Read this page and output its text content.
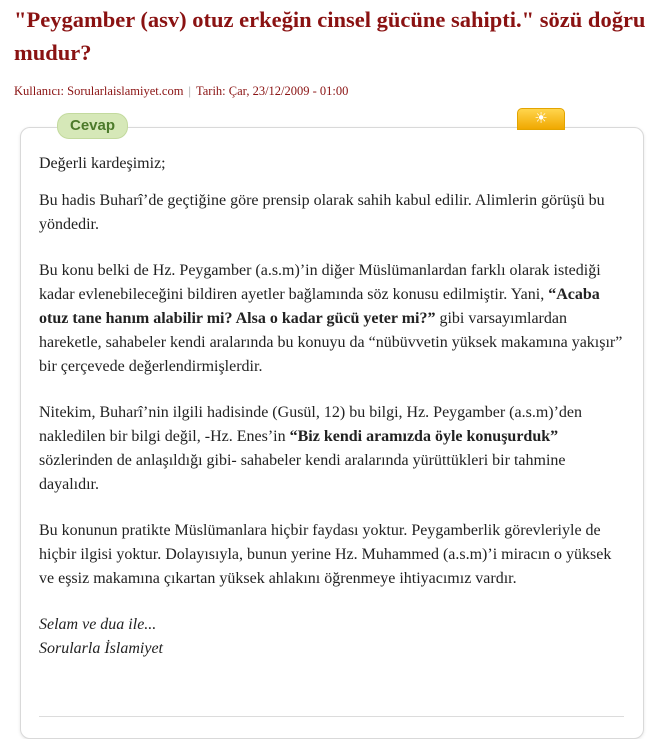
"Peygamber (asv) otuz erkeğin cinsel gücüne sahipti." sözü doğru mudur?
Kullanıcı: Sorularlaislamiyet.com | Tarih: Çar, 23/12/2009 - 01:00
Cevap	☀

Değerli kardeşimiz;

Bu hadis Buharî’de geçtiğine göre prensip olarak sahih kabul edilir. Alimlerin görüşü bu yöndedir.

Bu konu belki de Hz. Peygamber (a.s.m)’in diğer Müslümanlardan farklı olarak istediği kadar evlenebileceğini bildiren ayetler bağlamında söz konusu edilmiştir. Yani, “Acaba otuz tane hanım alabilir mi? Alsa o kadar gücü yeter mi?” gibi varsayımlardan hareketle, sahabeler kendi aralarında bu konuyu da “nübüvvetin yüksek makamına yakışır” bir çerçevede değerlendirmişlerdir.

Nitekim, Buharî’nin ilgili hadisinde (Gusül, 12) bu bilgi, Hz. Peygamber (a.s.m)’den nakledilen bir bilgi değil, -Hz. Enes’in “Biz kendi aramızda öyle konuşurduk” sözlerinden de anlaşıldığı gibi- sahabeler kendi aralarında yürüttükleri bir tahmine dayalıdır.

Bu konunun pratikte Müslümanlara hiçbir faydası yoktur. Peygamberlik görevleriyle de hiçbir ilgisi yoktur. Dolayısıyla, bunun yerine Hz. Muhammed (a.s.m)’i miracın o yüksek ve eşsiz makamına çıkartan yüksek ahlakını öğrenmeye ihtiyacımız vardır.

Selam ve dua ile...

Sorularla İslamiyet
